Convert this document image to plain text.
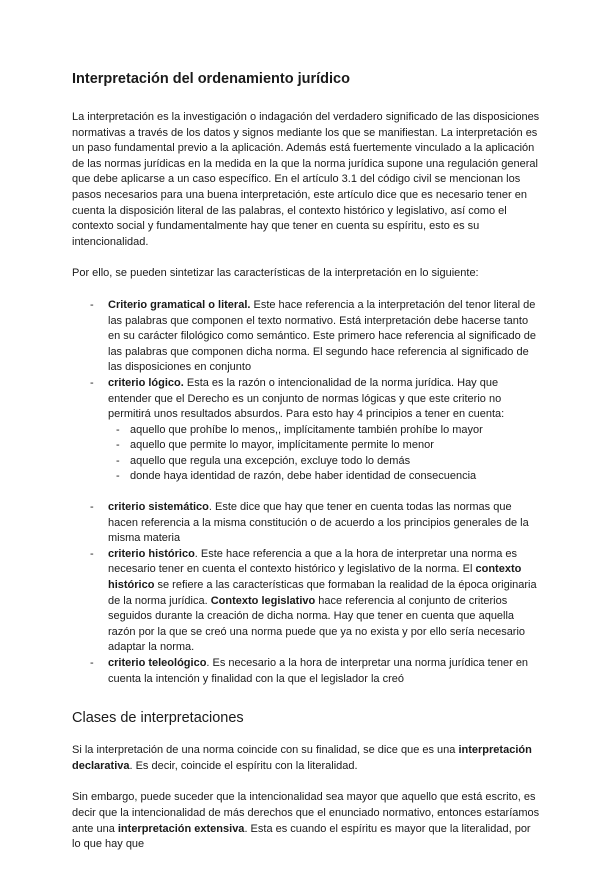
Interpretación del ordenamiento jurídico

La interpretación es la investigación o indagación del verdadero significado de las disposiciones normativas a través de los datos y signos mediante los que se manifiestan. La interpretación es un paso fundamental previo a la aplicación. Además está fuertemente vinculado a la aplicación de las normas jurídicas en la medida en la que la norma jurídica supone una regulación general que debe aplicarse a un caso específico. En el artículo 3.1 del código civil se mencionan los pasos necesarios para una buena interpretación, este artículo dice que es necesario tener en cuenta la disposición literal de las palabras, el contexto histórico y legislativo, así como el contexto social y fundamentalmente hay que tener en cuenta su espíritu, esto es su intencionalidad.

Por ello, se pueden sintetizar las características de la interpretación en lo siguiente:

- Criterio gramatical o literal. Este hace referencia a la interpretación del tenor literal de las palabras que componen el texto normativo. Está interpretación debe hacerse tanto en su carácter filológico como semántico. Este primero hace referencia al significado de las palabras que componen dicha norma. El segundo hace referencia al significado de las disposiciones en conjunto
- criterio lógico. Esta es la razón o intencionalidad de la norma jurídica. Hay que entender que el Derecho es un conjunto de normas lógicas y que este criterio no permitirá unos resultados absurdos. Para esto hay 4 principios a tener en cuenta:
- aquello que prohíbe lo menos,, implícitamente también prohíbe lo mayor
- aquello que permite lo mayor, implícitamente permite lo menor
- aquello que regula una excepción, excluye todo lo demás
- donde haya identidad de razón, debe haber identidad de consecuencia
- criterio sistemático. Este dice que hay que tener en cuenta todas las normas que hacen referencia a la misma constitución o de acuerdo a los principios generales de la misma materia
- criterio histórico. Este hace referencia a que a la hora de interpretar una norma es necesario tener en cuenta el contexto histórico y legislativo de la norma. El contexto histórico se refiere a las características que formaban la realidad de la época originaria de la norma jurídica. Contexto legislativo hace referencia al conjunto de criterios seguidos durante la creación de dicha norma. Hay que tener en cuenta que aquella razón por la que se creó una norma puede que ya no exista y por ello sería necesario adaptar la norma.
- criterio teleológico. Es necesario a la hora de interpretar una norma jurídica tener en cuenta la intención y finalidad con la que el legislador la creó
Clases de interpretaciones

Si la interpretación de una norma coincide con su finalidad, se dice que es una interpretación declarativa. Es decir, coincide el espíritu con la literalidad.

Sin embargo, puede suceder que la intencionalidad sea mayor que aquello que está escrito, es decir que la intencionalidad de más derechos que el enunciado normativo, entonces estaríamos ante una interpretación extensiva. Esta es cuando el espíritu es mayor que la literalidad, por lo que hay que
